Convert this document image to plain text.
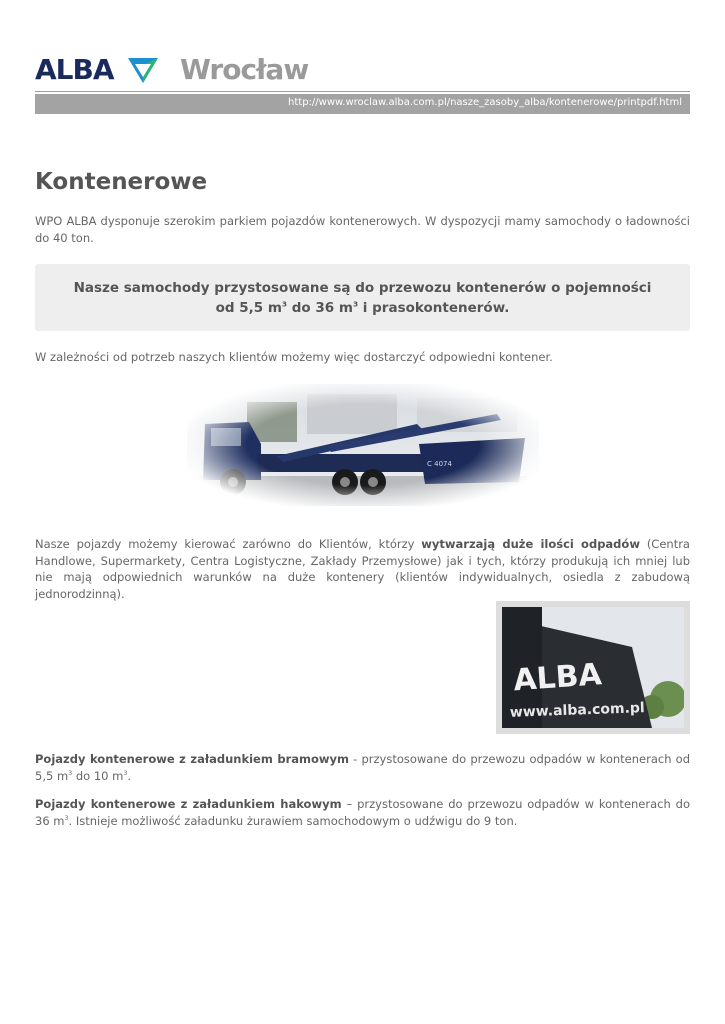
ALBA Wrocław
http://www.wroclaw.alba.com.pl/nasze_zasoby_alba/kontenerowe/printpdf.html
Kontenerowe

WPO ALBA dysponuje szerokim parkiem pojazdów kontenerowych. W dyspozycji mamy samochody o ładowności do 40 ton.

Nasze samochody przystosowane są do przewozu kontenerów o pojemności
od 5,5 $m^3$ do 36 $m^3$ i prasokontenerów.

W zależności od potrzeb naszych klientów możemy więc dostarczyć odpowiedni kontener.

Nasze pojazdy możemy kierować zarówno do Klientów, którzy wytwarzają duże ilości odpadów (Centra Handlowe, Supermarkety, Centra Logistyczne, Zakłady Przemysłowe) jak i tych, którzy produkują ich mniej lub nie mają odpowiednich warunków na duże kontenery (klientów indywidualnych, osiedla z zabudową jednorodzinną).

ALBA
www.alba.com.pl

Pojazdy kontenerowe z załadunkiem bramowym - przystosowane do przewozu odpadów w kontenerach od 5,5 $m^3$ do 10 $m^3$.

Pojazdy kontenerowe z załadunkiem hakowym – przystosowane do przewozu odpadów w kontenerach do 36 $m^3$. Istnieje możliwość załadunku żurawiem samochodowym o udźwigu do 9 ton.
